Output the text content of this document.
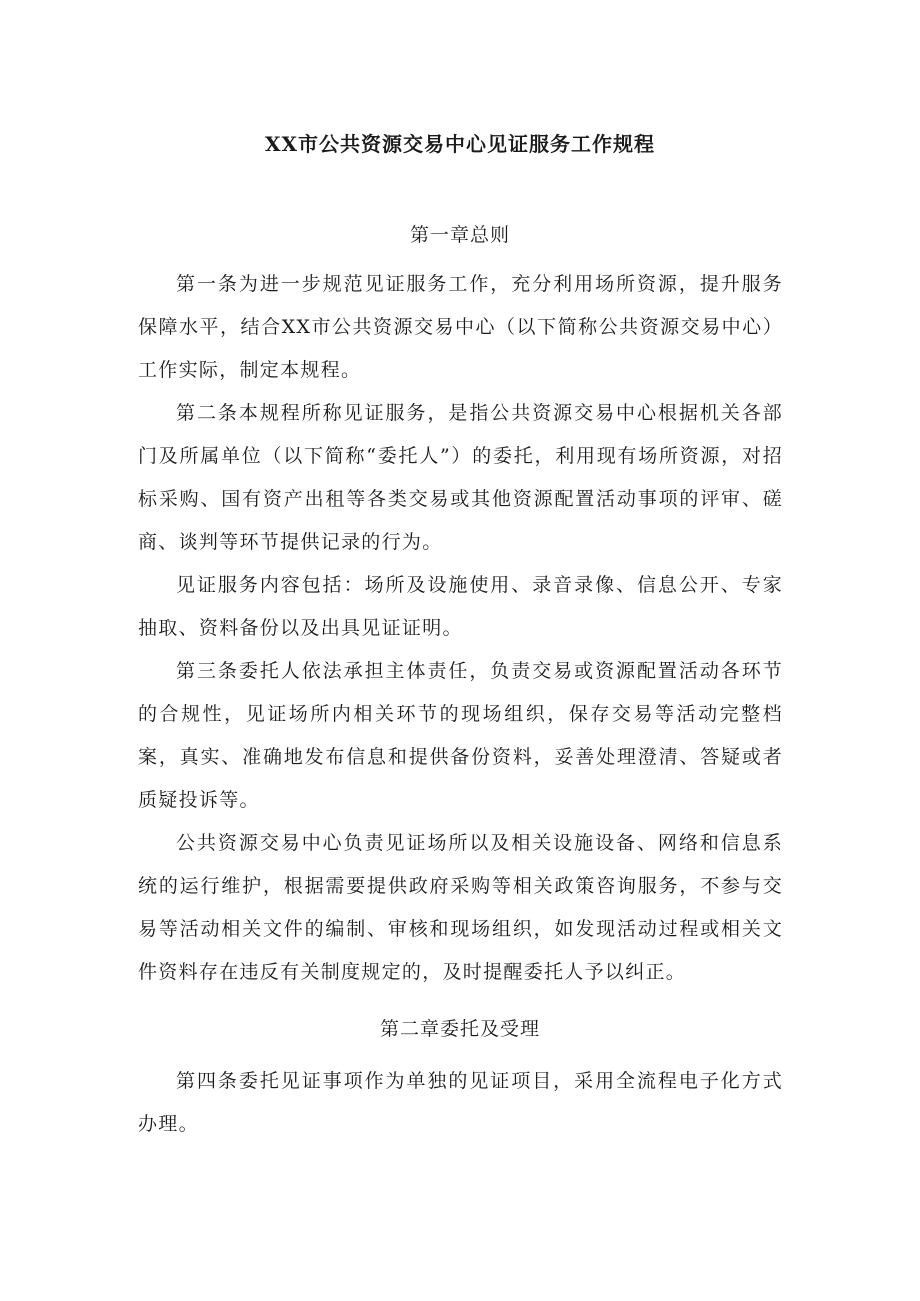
XX市公共资源交易中心见证服务工作规程
第一章总则

第一条为进一步规范见证服务工作，充分利用场所资源，提升服务保障水平，结合XX市公共资源交易中心（以下简称公共资源交易中心）工作实际，制定本规程。

第二条本规程所称见证服务，是指公共资源交易中心根据机关各部门及所属单位（以下简称“委托人”）的委托，利用现有场所资源，对招标采购、国有资产出租等各类交易或其他资源配置活动事项的评审、磋商、谈判等环节提供记录的行为。

见证服务内容包括：场所及设施使用、录音录像、信息公开、专家抽取、资料备份以及出具见证证明。

第三条委托人依法承担主体责任，负责交易或资源配置活动各环节的合规性，见证场所内相关环节的现场组织，保存交易等活动完整档案，真实、准确地发布信息和提供备份资料，妥善处理澄清、答疑或者质疑投诉等。

公共资源交易中心负责见证场所以及相关设施设备、网络和信息系统的运行维护，根据需要提供政府采购等相关政策咨询服务，不参与交易等活动相关文件的编制、审核和现场组织，如发现活动过程或相关文件资料存在违反有关制度规定的，及时提醒委托人予以纠正。

第二章委托及受理

第四条委托见证事项作为单独的见证项目，采用全流程电子化方式办理。
